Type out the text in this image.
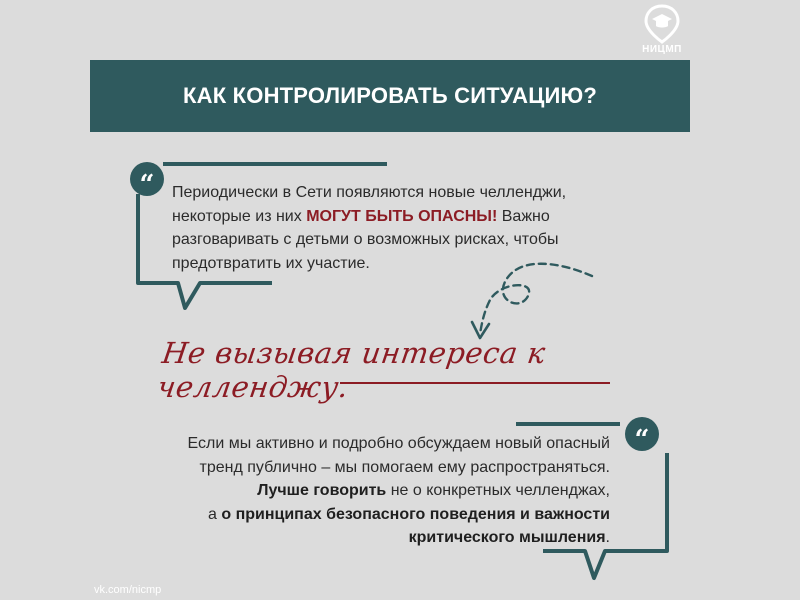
НИЦМП
КАК КОНТРОЛИРОВАТЬ СИТУАЦИЮ?
“ Периодически в Сети появляются новые челленджи,
некоторые из них МОГУТ БЫТЬ ОПАСНЫ! Важно
разговаривать с детьми о возможных рисках, чтобы
предотвратить их участие.
Не вызывая интереса к челленджу.
“
Если мы активно и подробно обсуждаем новый опасный
тренд публично – мы помогаем ему распространяться.
Лучше говорить не о конкретных челленджах,
а о принципах безопасного поведения и важности
критического мышления.
vk.com/nicmp
